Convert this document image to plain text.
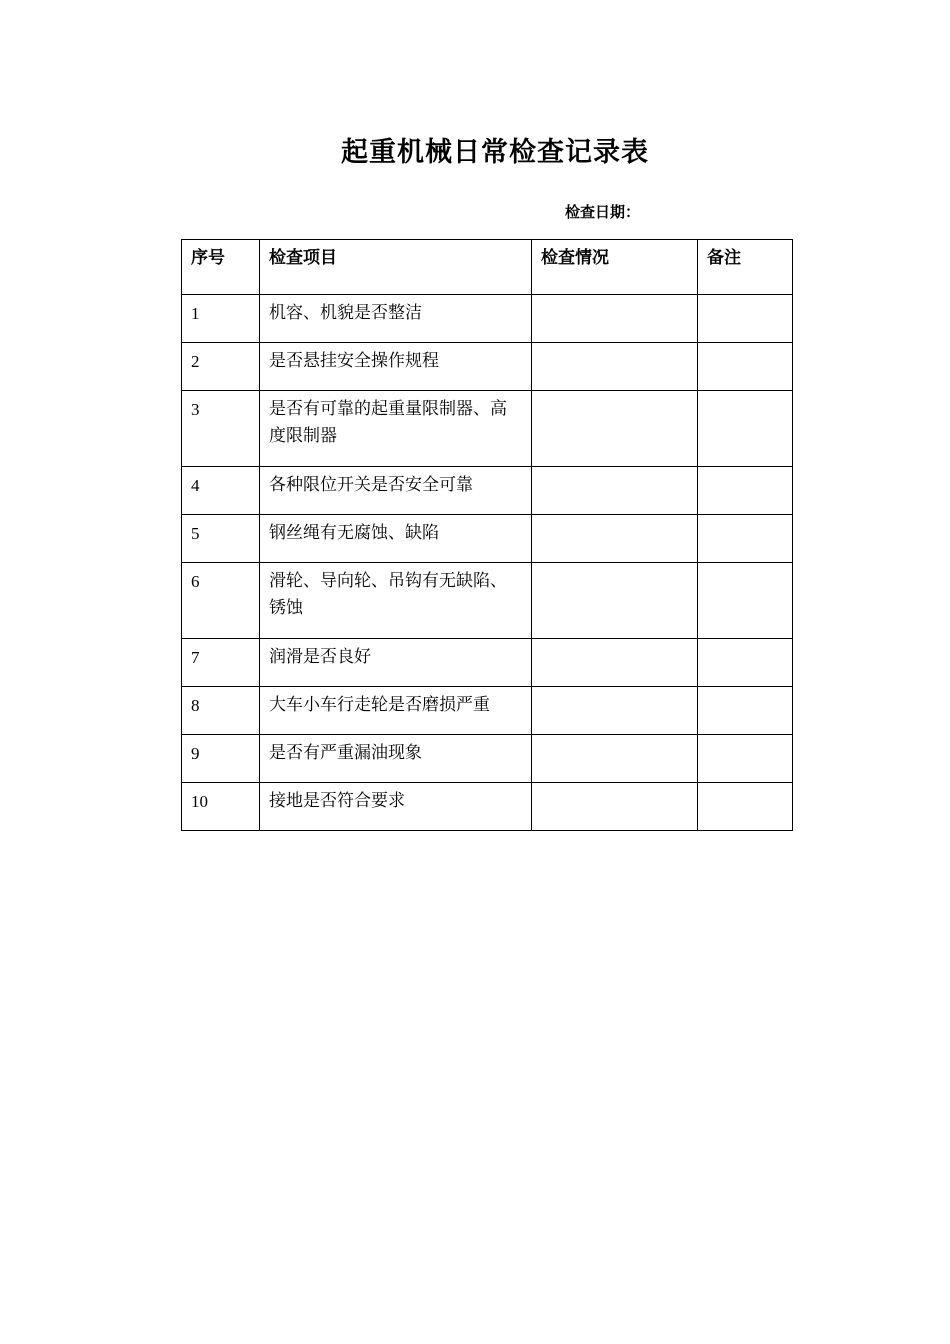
起重机械日常检查记录表
检查日期：
序号	检查项目	检查情况	备注
1	机容、机貌是否整洁		
2	是否悬挂安全操作规程		
3	是否有可靠的起重量限制器、高度限制器		
4	各种限位开关是否安全可靠		
5	钢丝绳有无腐蚀、缺陷		
6	滑轮、导向轮、吊钩有无缺陷、锈蚀		
7	润滑是否良好		
8	大车小车行走轮是否磨损严重		
9	是否有严重漏油现象		
10	接地是否符合要求		
